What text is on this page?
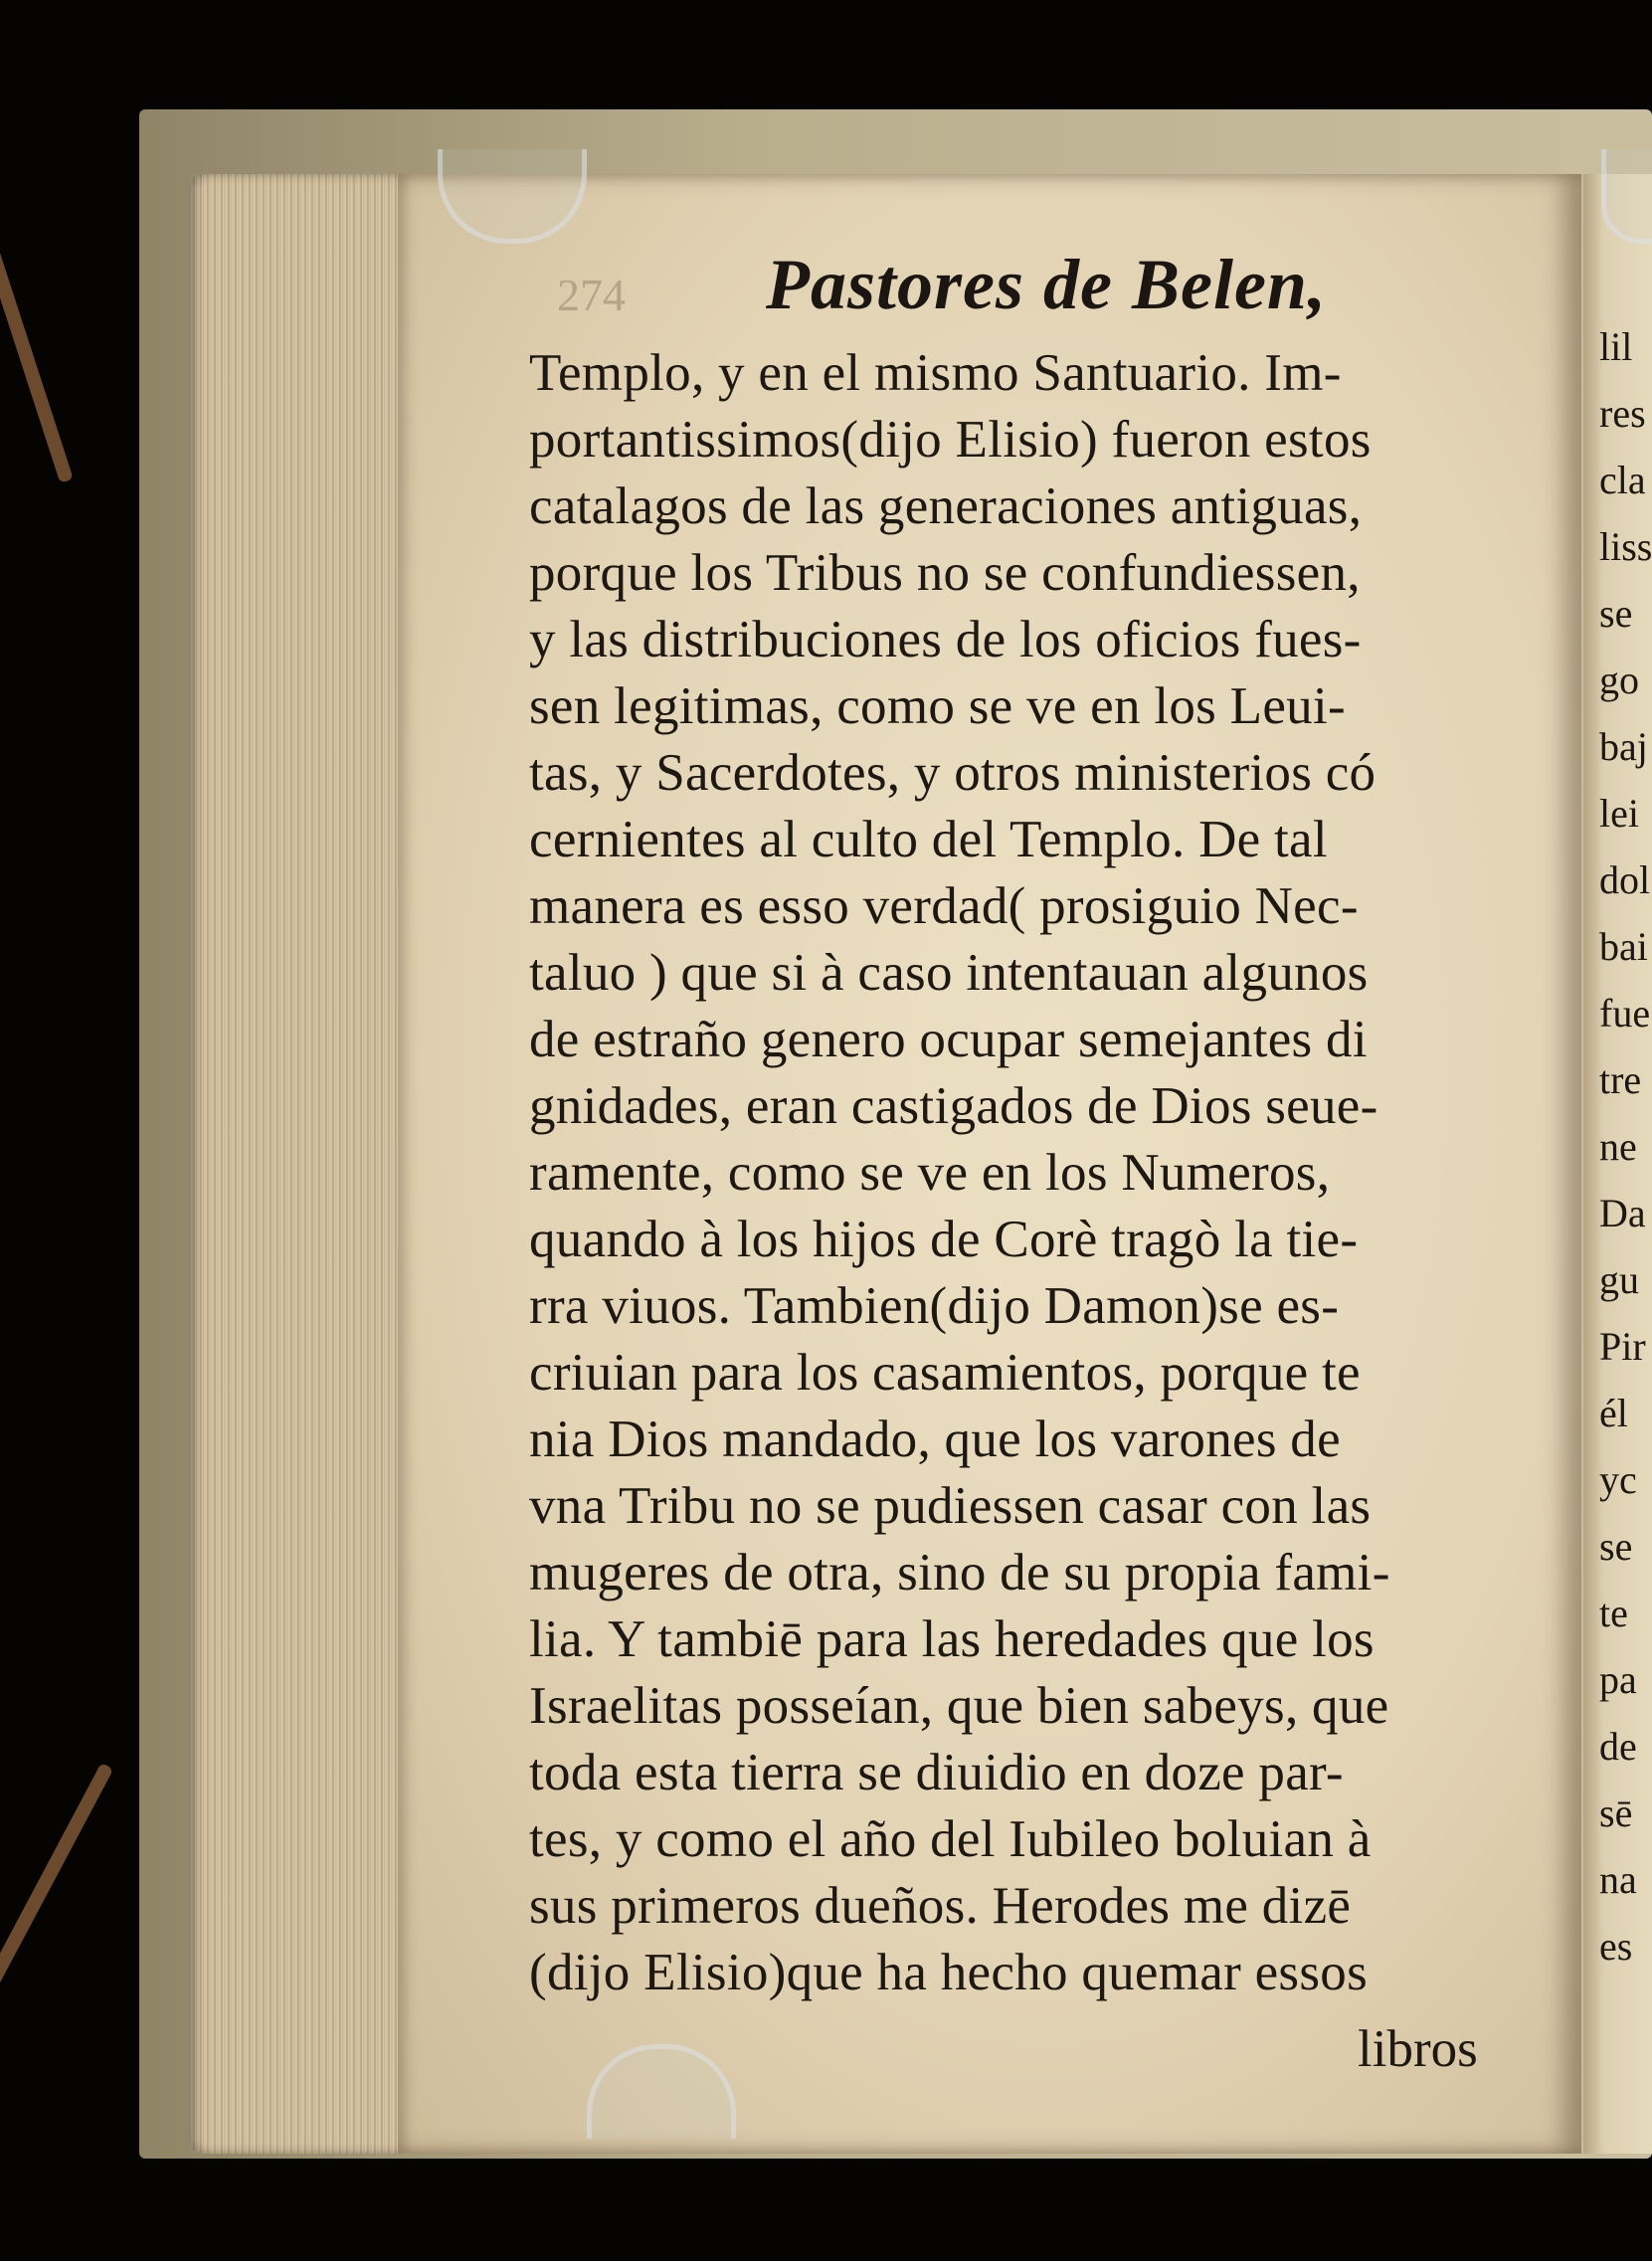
lil
res
cla
liss
se
go
baj
lei
dol
bai
fue
tre
ne
Da
gu
Pir
él
yc
se
te
pa
de
sē
na
es
274 Pastores de Belen,
Templo, y en el mismo Santuario. Im-
portantissimos(dijo Elisio) fueron estos
catalagos de las generaciones antiguas,
porque los Tribus no se confundiessen,
y las distribuciones de los oficios fues-
sen legitimas, como se ve en los Leui-
tas, y Sacerdotes, y otros ministerios có
cernientes al culto del Templo. De tal
manera es esso verdad( prosiguio Nec-
taluo ) que si à caso intentauan algunos
de estraño genero ocupar semejantes di
gnidades, eran castigados de Dios seue-
ramente, como se ve en los Numeros,
quando à los hijos de Corè tragò la tie-
rra viuos. Tambien(dijo Damon)se es-
criuian para los casamientos, porque te
nia Dios mandado, que los varones de
vna Tribu no se pudiessen casar con las
mugeres de otra, sino de su propia fami-
lia. Y tambiē para las heredades que los
Israelitas posseían, que bien sabeys, que
toda esta tierra se diuidio en doze par-
tes, y como el año del Iubileo boluian à
sus primeros dueños. Herodes me dizē
(dijo Elisio)que ha hecho quemar essos
libros
